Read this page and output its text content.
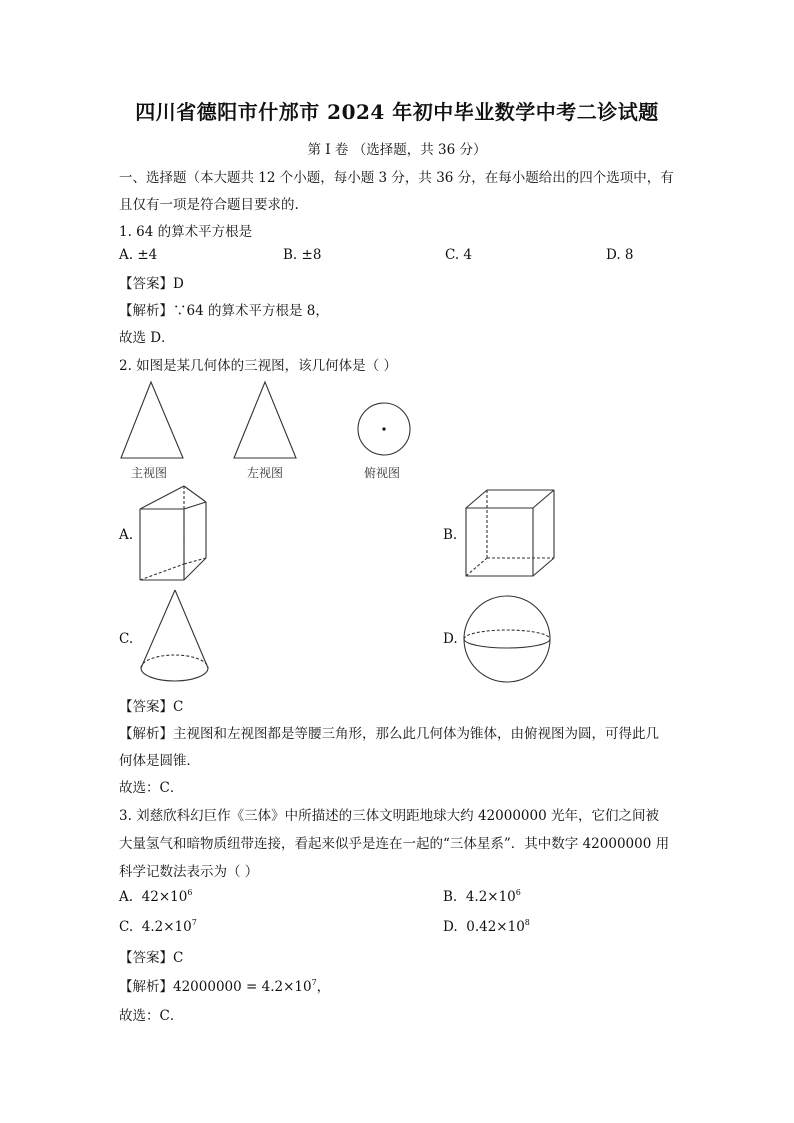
四川省德阳市什邡市 2024 年初中毕业数学中考二诊试题
第 I 卷 （选择题，共 36 分）
一、选择题（本大题共 12 个小题，每小题 3 分，共 36 分，在每小题给出的四个选项中，有
且仅有一项是符合题目要求的.
1. 64 的算术平方根是
A. ±4	B. ±8	C. 4	D. 8
【答案】D
【解析】∵64 的算术平方根是 8，
故选 D．
2. 如图是某几何体的三视图，该几何体是（ ）
主视图	左视图	俯视图
A.	B.
C.	D.
【答案】C
【解析】主视图和左视图都是等腰三角形，那么此几何体为锥体，由俯视图为圆，可得此几
何体是圆锥．
故选：C．
3. 刘慈欣科幻巨作《三体》中所描述的三体文明距地球大约 42000000 光年，它们之间被
大量氢气和暗物质纽带连接，看起来似乎是连在一起的“三体星系”．其中数字 42000000 用
科学记数法表示为（ ）
A. $42\times 10^6$	B. $4.2\times 10^6$
C. $4.2\times 10^7$	D. $0.42\times 10^8$
【答案】C
【解析】$42000000 = 4.2\times 10^7$，
故选：C．
